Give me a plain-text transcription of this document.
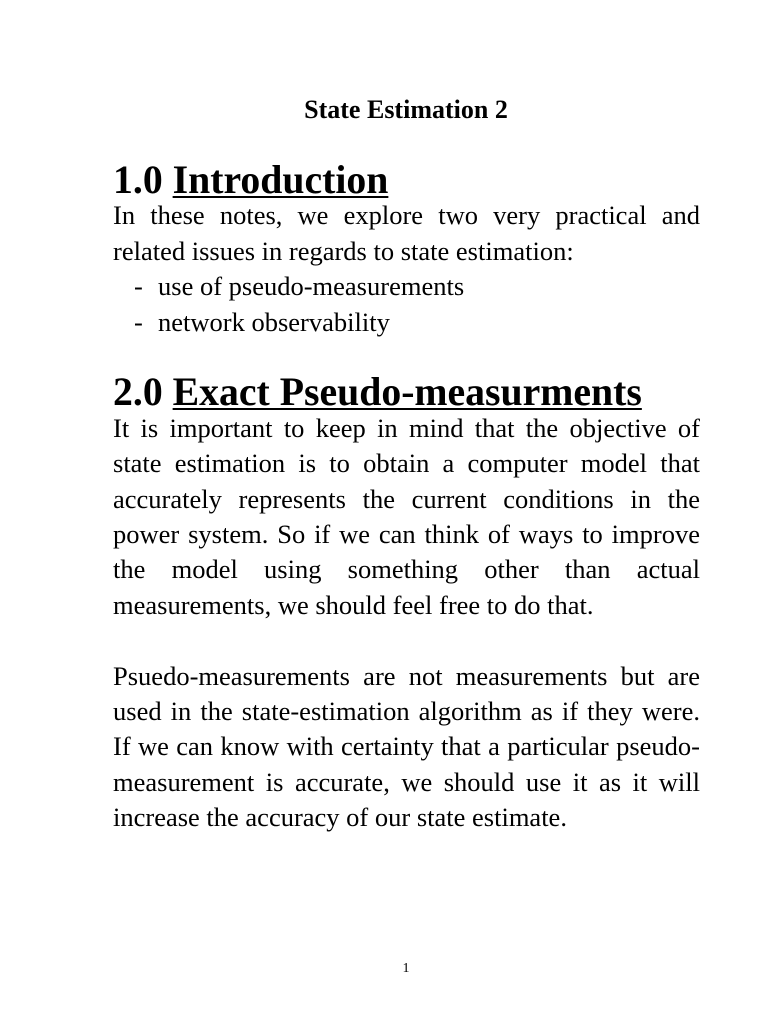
State Estimation 2
1.0 Introduction

In these notes, we explore two very practical and related issues in regards to state estimation:

- use of pseudo-measurements
- network observability
2.0 Exact Pseudo-measurments

It is important to keep in mind that the objective of state estimation is to obtain a computer model that accurately represents the current conditions in the power system. So if we can think of ways to improve the model using something other than actual measurements, we should feel free to do that.

Psuedo-measurements are not measurements but are used in the state-estimation algorithm as if they were. If we can know with certainty that a particular pseudo-measurement is accurate, we should use it as it will increase the accuracy of our state estimate.

1
